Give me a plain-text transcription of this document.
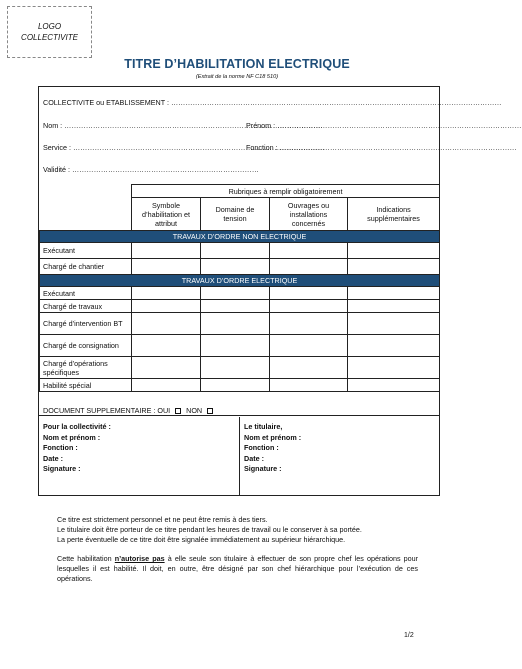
LOGO
COLLECTIVITE
TITRE D’HABILITATION ELECTRIQUE
(Extrait de la norme NF C18 510)
COLLECTIVITE ou ETABLISSEMENT : …………………………………………………………………………………………………………………………
Nom : ………………………………………………………………………………………………
Prénom : …………………………………………………………………………………………
Service : ……………………………………………………………………………………………
Fonction : ………………………………………………………………………………………
Validité : ……………………………………………………………………
	Rubriques à remplir obligatoirement			
	Symbole d’habilitation et attribut	Domaine de tension	Ouvrages ou installations concernés	Indications supplémentaires
TRAVAUX D’ORDRE NON ELECTRIQUE				
Exécutant				
Chargé de chantier				
TRAVAUX D’ORDRE ELECTRIQUE				
Exécutant				
Chargé de travaux				
Chargé d’intervention BT				
Chargé de consignation				
Chargé d’opérations spécifiques				
Habilité spécial				
DOCUMENT SUPPLEMENTAIRE : OUI NON
Pour la collectivité :
Nom et prénom :
Fonction :
Date :
Signature :
Le titulaire,
Nom et prénom :
Fonction :
Date :
Signature :

Ce titre est strictement personnel et ne peut être remis à des tiers.

Le titulaire doit être porteur de ce titre pendant les heures de travail ou le conserver à sa portée.

La perte éventuelle de ce titre doit être signalée immédiatement au supérieur hiérarchique.

Cette habilitation n’autorise pas à elle seule son titulaire à effectuer de son propre chef les opérations pour lesquelles il est habilité. Il doit, en outre, être désigné par son chef hiérarchique pour l’exécution de ces opérations.

1/2
